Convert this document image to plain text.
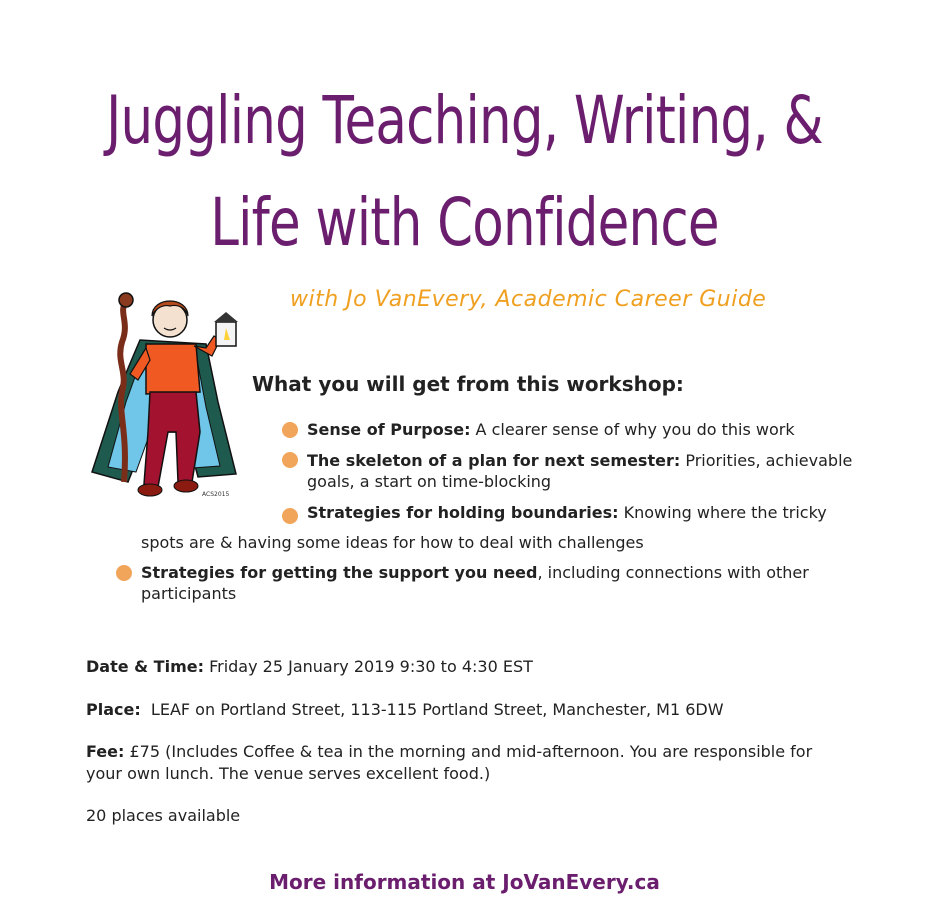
Juggling Teaching, Writing, &
Life with Confidence
ACS2015
with Jo VanEvery, Academic Career Guide
What you will get from this workshop:
Sense of Purpose: A clearer sense of why you do this work
The skeleton of a plan for next semester: Priorities, achievable
goals, a start on time-blocking
Strategies for holding boundaries: Knowing where the tricky
spots are & having some ideas for how to deal with challenges
Strategies for getting the support you need, including connections with other
participants
Date & Time: Friday 25 January 2019 9:30 to 4:30 EST
Place:  LEAF on Portland Street, 113-115 Portland Street, Manchester, M1 6DW
Fee: £75 (Includes Coffee & tea in the morning and mid-afternoon. You are responsible for
your own lunch. The venue serves excellent food.)
20 places available
More information at JoVanEvery.ca
